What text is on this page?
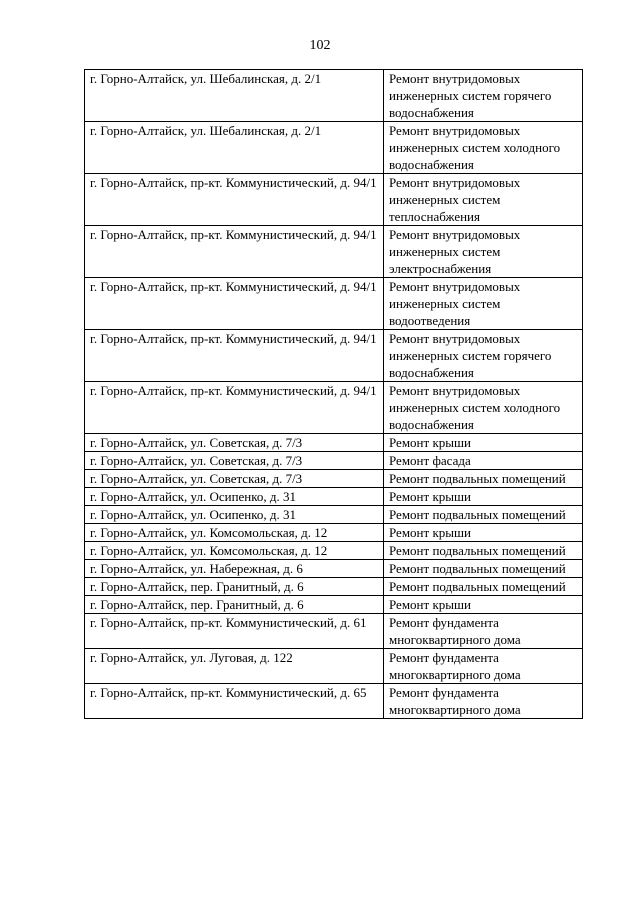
102
г. Горно-Алтайск, ул. Шебалинская, д. 2/1	Ремонт внутридомовых инженерных систем горячего водоснабжения
г. Горно-Алтайск, ул. Шебалинская, д. 2/1	Ремонт внутридомовых инженерных систем холодного водоснабжения
г. Горно-Алтайск, пр-кт. Коммунистический, д. 94/1	Ремонт внутридомовых инженерных систем теплоснабжения
г. Горно-Алтайск, пр-кт. Коммунистический, д. 94/1	Ремонт внутридомовых инженерных систем электроснабжения
г. Горно-Алтайск, пр-кт. Коммунистический, д. 94/1	Ремонт внутридомовых инженерных систем водоотведения
г. Горно-Алтайск, пр-кт. Коммунистический, д. 94/1	Ремонт внутридомовых инженерных систем горячего водоснабжения
г. Горно-Алтайск, пр-кт. Коммунистический, д. 94/1	Ремонт внутридомовых инженерных систем холодного водоснабжения
г. Горно-Алтайск, ул. Советская, д. 7/3	Ремонт крыши
г. Горно-Алтайск, ул. Советская, д. 7/3	Ремонт фасада
г. Горно-Алтайск, ул. Советская, д. 7/3	Ремонт подвальных помещений
г. Горно-Алтайск, ул. Осипенко, д. 31	Ремонт крыши
г. Горно-Алтайск, ул. Осипенко, д. 31	Ремонт подвальных помещений
г. Горно-Алтайск, ул. Комсомольская, д. 12	Ремонт крыши
г. Горно-Алтайск, ул. Комсомольская, д. 12	Ремонт подвальных помещений
г. Горно-Алтайск, ул. Набережная, д. 6	Ремонт подвальных помещений
г. Горно-Алтайск, пер. Гранитный, д. 6	Ремонт подвальных помещений
г. Горно-Алтайск, пер. Гранитный, д. 6	Ремонт крыши
г. Горно-Алтайск, пр-кт. Коммунистический, д. 61	Ремонт фундамента многоквартирного дома
г. Горно-Алтайск, ул. Луговая, д. 122	Ремонт фундамента многоквартирного дома
г. Горно-Алтайск, пр-кт. Коммунистический, д. 65	Ремонт фундамента многоквартирного дома
